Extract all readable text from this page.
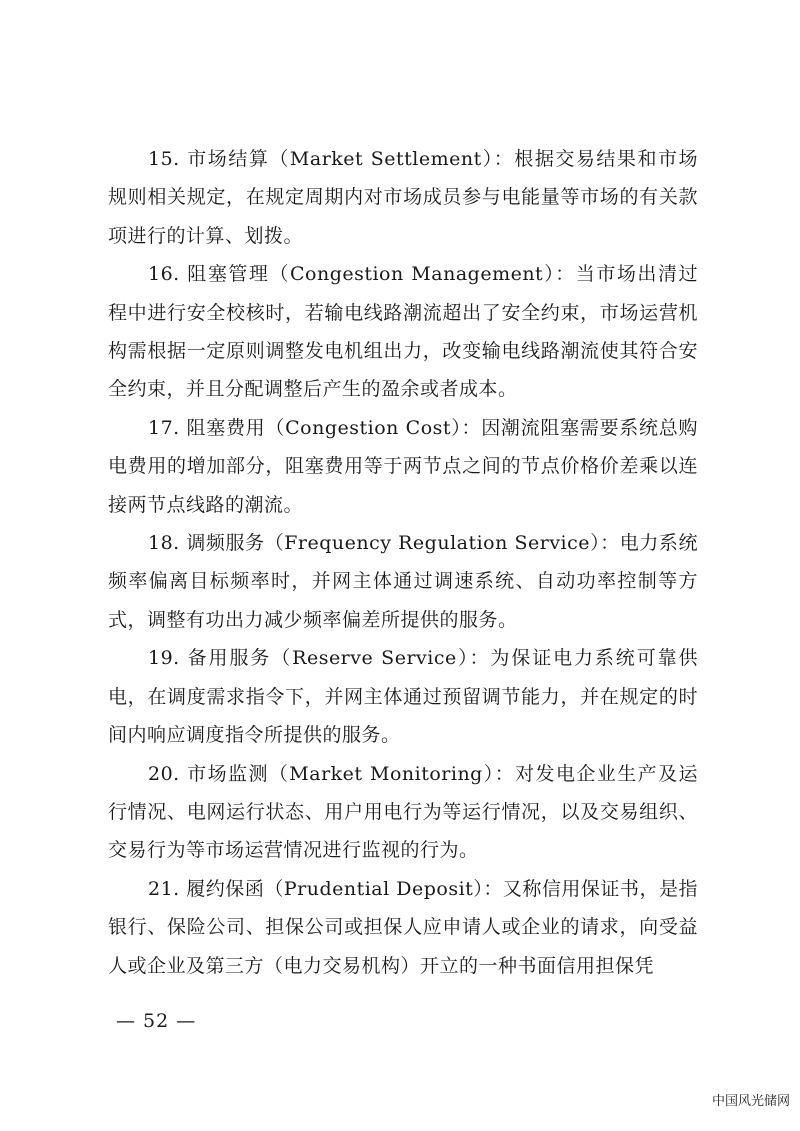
15. 市场结算（Market Settlement）：根据交易结果和市场规则相关规定，在规定周期内对市场成员参与电能量等市场的有关款项进行的计算、划拨。

16. 阻塞管理（Congestion Management）：当市场出清过程中进行安全校核时，若输电线路潮流超出了安全约束，市场运营机构需根据一定原则调整发电机组出力，改变输电线路潮流使其符合安全约束，并且分配调整后产生的盈余或者成本。

17. 阻塞费用（Congestion Cost）：因潮流阻塞需要系统总购电费用的增加部分，阻塞费用等于两节点之间的节点价格价差乘以连接两节点线路的潮流。

18. 调频服务（Frequency Regulation Service）：电力系统频率偏离目标频率时，并网主体通过调速系统、自动功率控制等方式，调整有功出力减少频率偏差所提供的服务。

19. 备用服务（Reserve Service）：为保证电力系统可靠供电，在调度需求指令下，并网主体通过预留调节能力，并在规定的时间内响应调度指令所提供的服务。

20. 市场监测（Market Monitoring）：对发电企业生产及运行情况、电网运行状态、用户用电行为等运行情况，以及交易组织、交易行为等市场运营情况进行监视的行为。

21. 履约保函（Prudential Deposit）：又称信用保证书，是指银行、保险公司、担保公司或担保人应申请人或企业的请求，向受益人或企业及第三方（电力交易机构）开立的一种书面信用担保凭

— 52 —
中国风光储网
